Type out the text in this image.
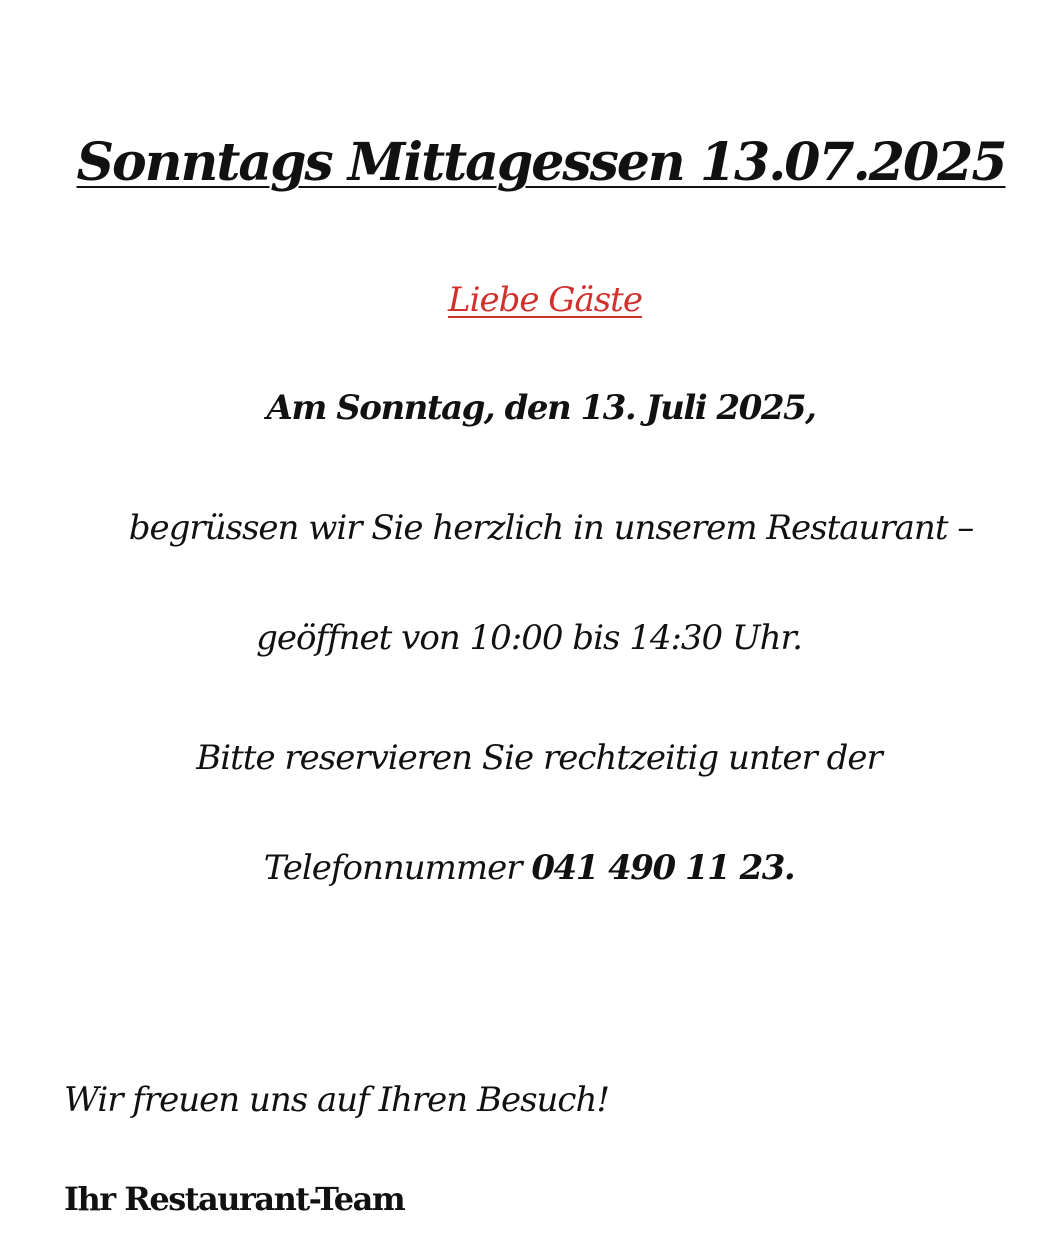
Sonntags Mittagessen 13.07.2025
Liebe Gäste
Am Sonntag, den 13. Juli 2025,
begrüssen wir Sie herzlich in unserem Restaurant –
geöffnet von 10:00 bis 14:30 Uhr.
Bitte reservieren Sie rechtzeitig unter der
Telefonnummer 041 490 11 23.
Wir freuen uns auf Ihren Besuch!
Ihr Restaurant-Team
